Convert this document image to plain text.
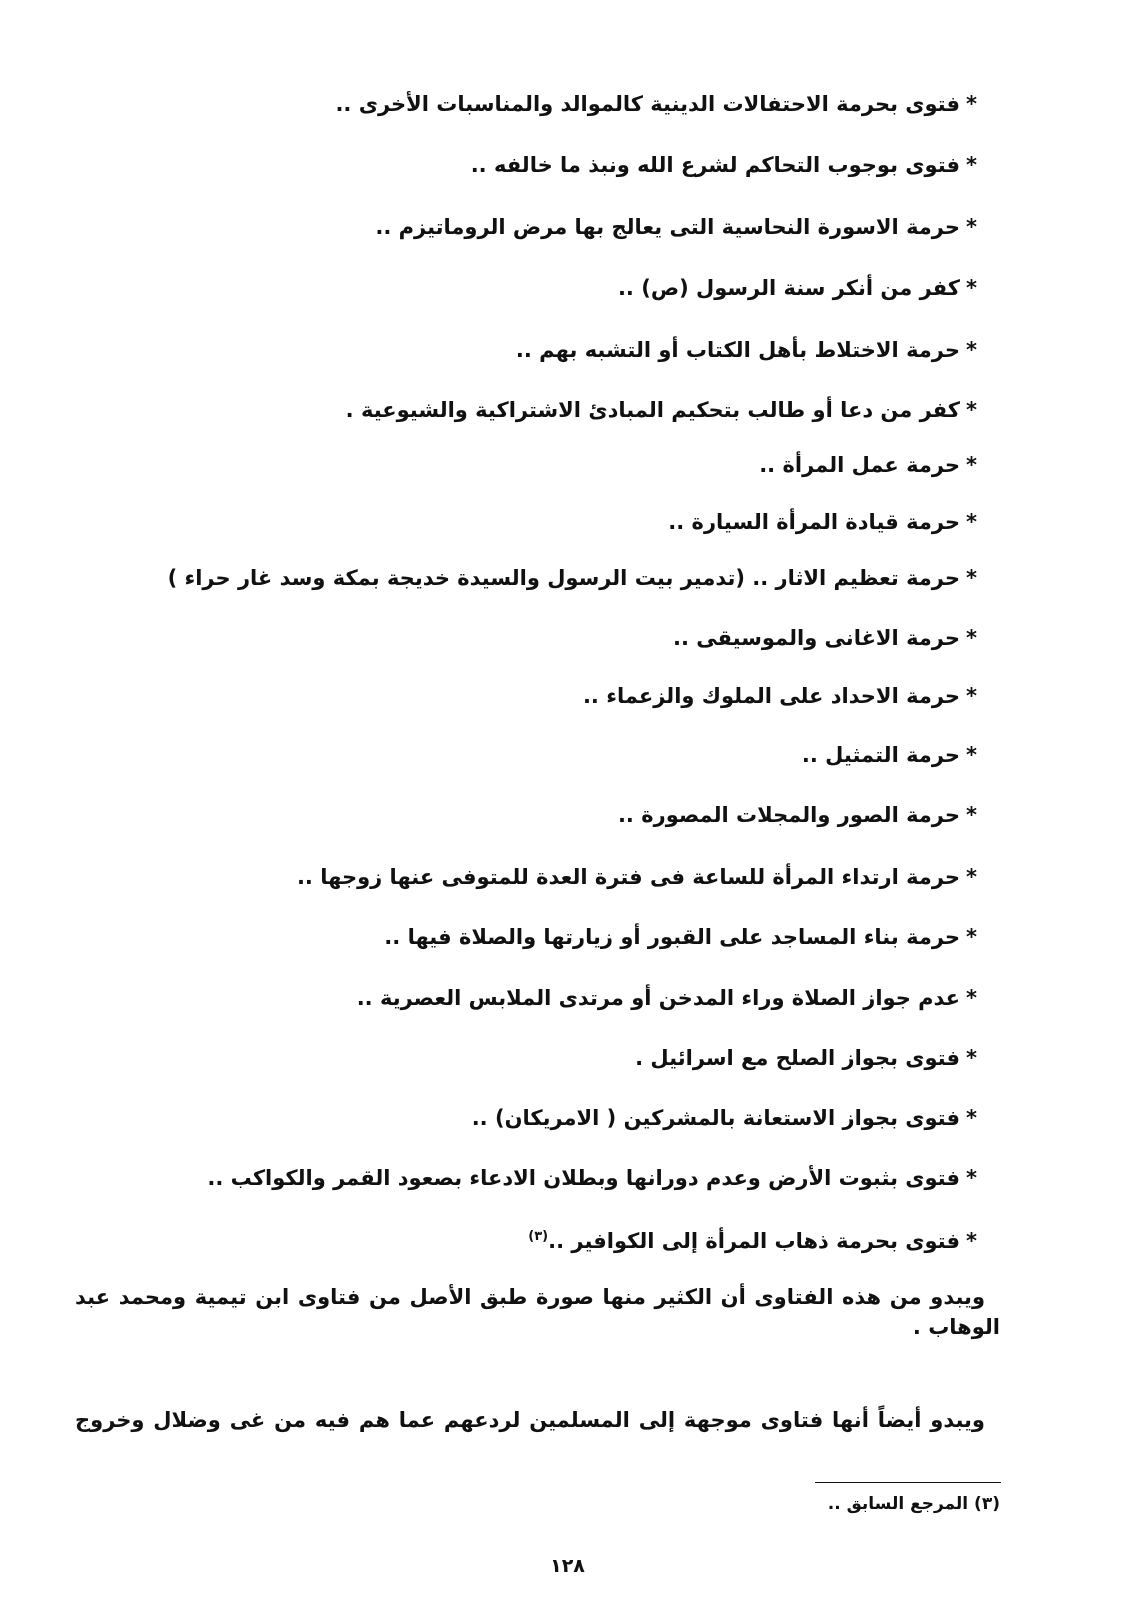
*فتوى بحرمة الاحتفالات الدينية كالموالد والمناسبات الأخرى ..
*فتوى بوجوب التحاكم لشرع الله ونبذ ما خالفه ..
*حرمة الاسورة النحاسية التى يعالج بها مرض الروماتيزم ..
*كفر من أنكر سنة الرسول (ص) ..
*حرمة الاختلاط بأهل الكتاب أو التشبه بهم ..
*كفر من دعا أو طالب بتحكيم المبادئ الاشتراكية والشيوعية .
*حرمة عمل المرأة ..
*حرمة قيادة المرأة السيارة ..
*حرمة تعظيم الاثار .. (تدمير بيت الرسول والسيدة خديجة بمكة وسد غار حراء )
*حرمة الاغانى والموسيقى ..
*حرمة الاحداد على الملوك والزعماء ..
*حرمة التمثيل ..
*حرمة الصور والمجلات المصورة ..
*حرمة ارتداء المرأة للساعة فى فترة العدة للمتوفى عنها زوجها ..
*حرمة بناء المساجد على القبور أو زيارتها والصلاة فيها ..
*عدم جواز الصلاة وراء المدخن أو مرتدى الملابس العصرية ..
*فتوى بجواز الصلح مع اسرائيل .
*فتوى بجواز الاستعانة بالمشركين ( الامريكان) ..
*فتوى بثبوت الأرض وعدم دورانها وبطلان الادعاء بصعود القمر والكواكب ..
*فتوى بحرمة ذهاب المرأة إلى الكوافير ..$^{(٣)}$
ويبدو من هذه الفتاوى أن الكثير منها صورة طبق الأصل من فتاوى ابن تيمية ومحمد عبد الوهاب .
ويبدو أيضاً أنها فتاوى موجهة إلى المسلمين لردعهم عما هم فيه من غى وضلال وخروج
(٣) المرجع السابق ..
١٢٨
